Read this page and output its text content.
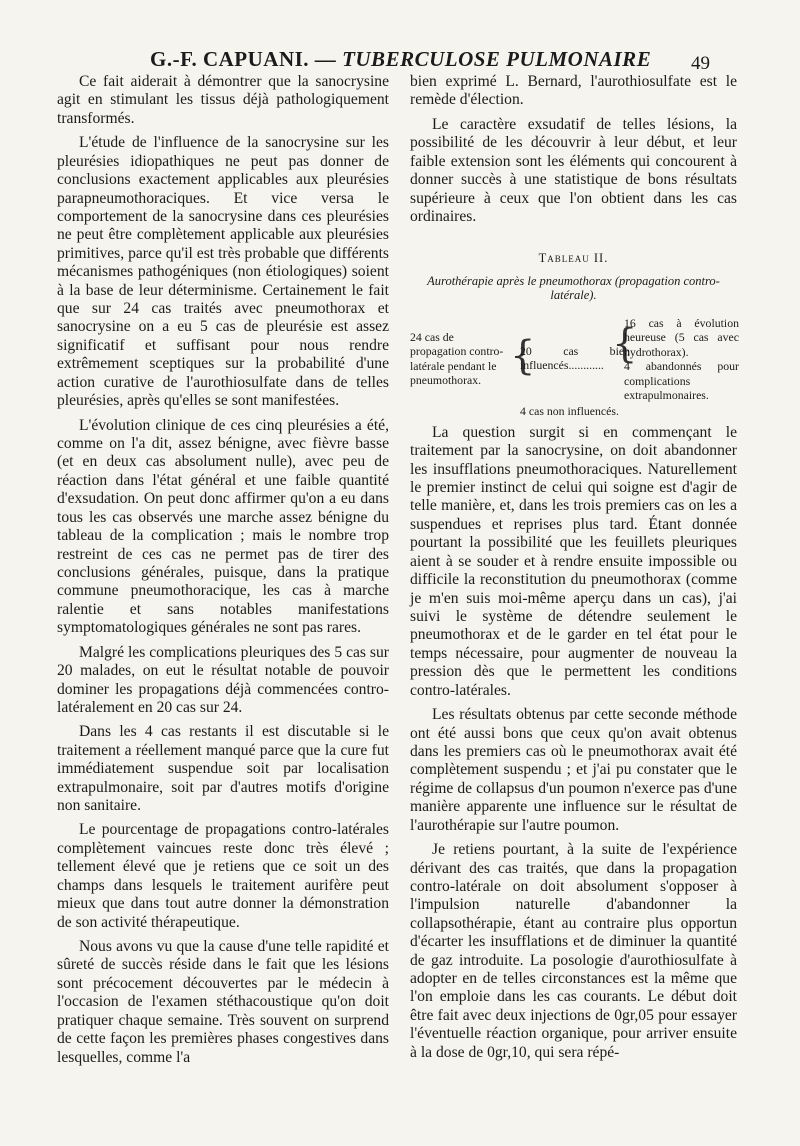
G.-F. CAPUANI. — TUBERCULOSE PULMONAIRE 49

Ce fait aiderait à démontrer que la sanocrysine agit en stimulant les tissus déjà pathologiquement transformés.

L'étude de l'influence de la sanocrysine sur les pleurésies idiopathiques ne peut pas donner de conclusions exactement applicables aux pleurésies parapneumothoraciques. Et vice versa le comportement de la sanocrysine dans ces pleurésies ne peut être complètement applicable aux pleurésies primitives, parce qu'il est très probable que différents mécanismes pathogéniques (non étiologiques) soient à la base de leur déterminisme. Certainement le fait que sur 24 cas traités avec pneumothorax et sanocrysine on a eu 5 cas de pleurésie est assez significatif et suffisant pour nous rendre extrêmement sceptiques sur la probabilité d'une action curative de l'aurothiosulfate dans de telles pleurésies, après qu'elles se sont manifestées.

L'évolution clinique de ces cinq pleurésies a été, comme on l'a dit, assez bénigne, avec fièvre basse (et en deux cas absolument nulle), avec peu de réaction dans l'état général et une faible quantité d'exsudation. On peut donc affirmer qu'on a eu dans tous les cas observés une marche assez bénigne du tableau de la complication ; mais le nombre trop restreint de ces cas ne permet pas de tirer des conclusions générales, puisque, dans la pratique commune pneumothoracique, les cas à marche ralentie et sans notables manifestations symptomatologiques générales ne sont pas rares.

Malgré les complications pleuriques des 5 cas sur 20 malades, on eut le résultat notable de pouvoir dominer les propagations déjà commencées contro-latéralement en 20 cas sur 24.

Dans les 4 cas restants il est discutable si le traitement a réellement manqué parce que la cure fut immédiatement suspendue soit par localisation extrapulmonaire, soit par d'autres motifs d'origine non sanitaire.

Le pourcentage de propagations contro-latérales complètement vaincues reste donc très élevé ; tellement élevé que je retiens que ce soit un des champs dans lesquels le traitement aurifère peut mieux que dans tout autre donner la démonstration de son activité thérapeutique.

Nous avons vu que la cause d'une telle rapidité et sûreté de succès réside dans le fait que les lésions sont précocement découvertes par le médecin à l'occasion de l'examen stéthacoustique qu'on doit pratiquer chaque semaine. Très souvent on surprend de cette façon les premières phases congestives dans lesquelles, comme l'a

bien exprimé L. Bernard, l'aurothiosulfate est le remède d'élection.

Le caractère exsudatif de telles lésions, la possibilité de les découvrir à leur début, et leur faible extension sont les éléments qui concourent à donner succès à une statistique de bons résultats supérieure à ceux que l'on obtient dans les cas ordinaires.

Tableau II.
Aurothérapie après le pneumothorax (propagation contro-latérale).
24 cas de propagation contro-latérale pendant le pneumothorax.
{
20 cas bien influencés............ {
16 cas à évolution heureuse (5 cas avec hydrothorax).
4 abandonnés pour complications extrapulmonaires.
4 cas non influencés.

La question surgit si en commençant le traitement par la sanocrysine, on doit abandonner les insufflations pneumothoraciques. Naturellement le premier instinct de celui qui soigne est d'agir de telle manière, et, dans les trois premiers cas on les a suspendues et reprises plus tard. Étant donnée pourtant la possibilité que les feuillets pleuriques aient à se souder et à rendre ensuite impossible ou difficile la reconstitution du pneumothorax (comme je m'en suis moi-même aperçu dans un cas), j'ai suivi le système de détendre seulement le pneumothorax et de le garder en tel état pour le temps nécessaire, pour augmenter de nouveau la pression dès que le permettent les conditions contro-latérales.

Les résultats obtenus par cette seconde méthode ont été aussi bons que ceux qu'on avait obtenus dans les premiers cas où le pneumothorax avait été complètement suspendu ; et j'ai pu constater que le régime de collapsus d'un poumon n'exerce pas d'une manière apparente une influence sur le résultat de l'aurothérapie sur l'autre poumon.

Je retiens pourtant, à la suite de l'expérience dérivant des cas traités, que dans la propagation contro-latérale on doit absolument s'opposer à l'impulsion naturelle d'abandonner la collapsothérapie, étant au contraire plus opportun d'écarter les insufflations et de diminuer la quantité de gaz introduite. La posologie d'aurothiosulfate à adopter en de telles circonstances est la même que l'on emploie dans les cas courants. Le début doit être fait avec deux injections de 0gr,05 pour essayer l'éventuelle réaction organique, pour arriver ensuite à la dose de 0gr,10, qui sera répé-
